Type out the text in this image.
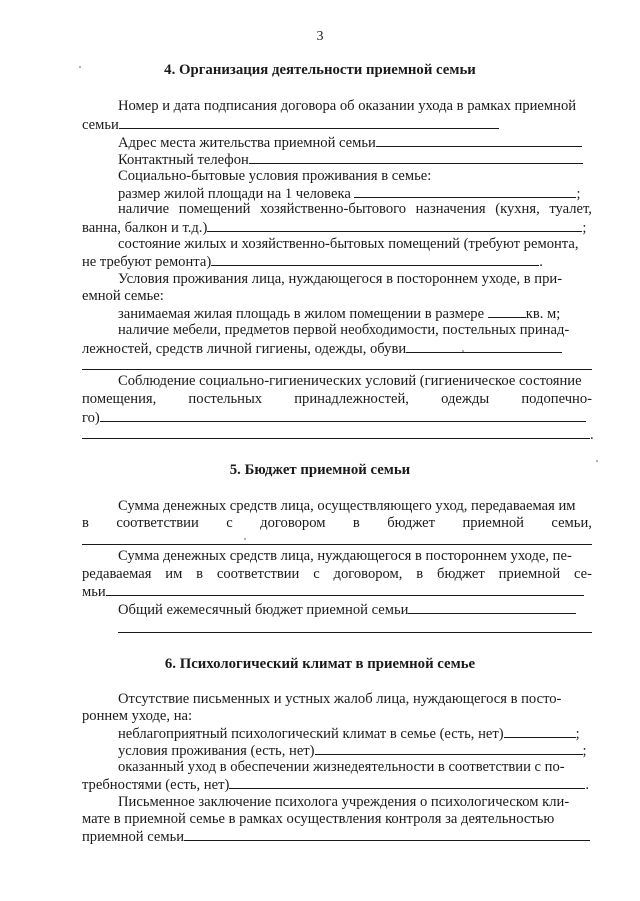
3
4. Организация деятельности приемной семьи
Номер и дата подписания договора об оказании ухода в рамках приемной
семьи
Адрес места жительства приемной семьи
Контактный телефон
Социально-бытовые условия проживания в семье:
размер жилой площади на 1 человека	;
наличие помещений хозяйственно-бытового назначения (кухня, туалет,
ванна, балкон и т.д.)	;
состояние жилых и хозяйственно-бытовых помещений (требуют ремонта,
не требуют ремонта)	.
Условия проживания лица, нуждающегося в постороннем уходе, в при-
емной семье:
занимаемая жилая площадь в жилом помещении в размере	кв. м;
наличие мебели, предметов первой необходимости, постельных принад-
лежностей, средств личной гигиены, одежды, обуви
Соблюдение социально-гигиенических условий (гигиеническое состояние
помещения, постельных принадлежностей, одежды подопечно-
го)
.
5. Бюджет приемной семьи
Сумма денежных средств лица, осуществляющего уход, передаваемая им
в соответствии с договором в бюджет приемной семьи,
Сумма денежных средств лица, нуждающегося в постороннем уходе, пе-
редаваемая им в соответствии с договором, в бюджет приемной се-
мьи
Общий ежемесячный бюджет приемной семьи
6. Психологический климат в приемной семье
Отсутствие письменных и устных жалоб лица, нуждающегося в посто-
роннем уходе, на:
неблагоприятный психологический климат в семье (есть, нет)	;
условия проживания (есть, нет)	;
оказанный уход в обеспечении жизнедеятельности в соответствии с по-
требностями (есть, нет)	.
Письменное заключение психолога учреждения о психологическом кли-
мате в приемной семье в рамках осуществления контроля за деятельностью
приемной семьи
